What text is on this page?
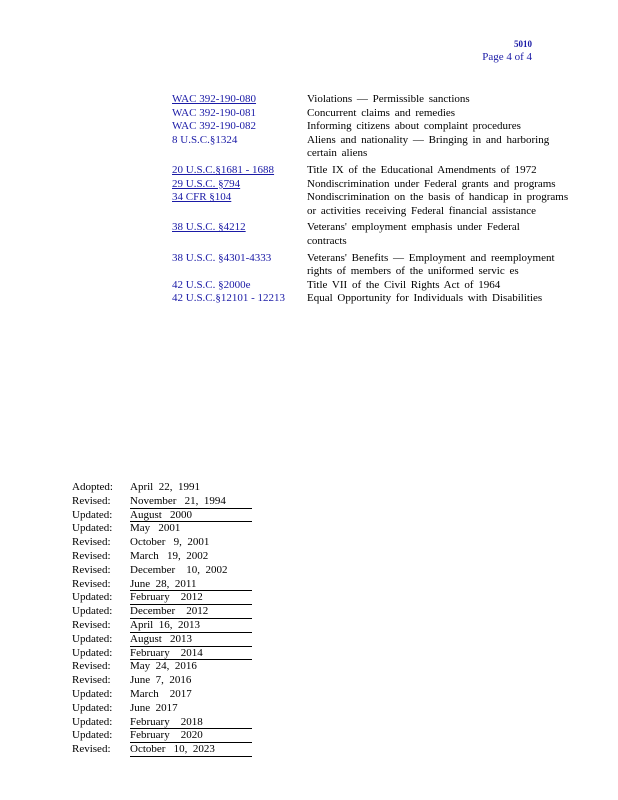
5010
Page 4 of 4
WAC 392-190-080	Violations — Permissible sanctions
WAC 392-190-081	Concurrent claims and remedies
WAC 392-190-082	Informing citizens about complaint procedures
8 U.S.C.§1324	Aliens and nationality — Bringing in and harboring
certain aliens
20 U.S.C.§1681 - 1688	Title IX of the Educational Amendments of 1972
29 U.S.C. §794	Nondiscrimination under Federal grants and programs
34 CFR §104	Nondiscrimination on the basis of handicap in programs
or activities receiving Federal financial assistance
38 U.S.C. §4212	Veterans' employment emphasis under Federal
contracts
38 U.S.C. §4301-4333	Veterans' Benefits — Employment and reemployment
rights of members of the uniformed servic es
42 U.S.C. §2000e	Title VII of the Civil Rights Act of 1964
42 U.S.C.§12101 - 12213	Equal Opportunity for Individuals with Disabilities
Adopted:	April  22,  1991
Revised:	November   21,  1994
Updated:	August   2000
Updated:	May   2001
Revised:	October   9,  2001
Revised:	March   19,  2002
Revised:	December    10,  2002
Revised:	June  28,  2011
Updated:	February    2012
Updated:	December    2012
Revised:	April  16,  2013
Updated:	August   2013
Updated:	February    2014
Revised:	May  24,  2016
Revised:	June  7,  2016
Updated:	March    2017
Updated:	June  2017
Updated:	February    2018
Updated:	February    2020
Revised:	October   10,  2023
